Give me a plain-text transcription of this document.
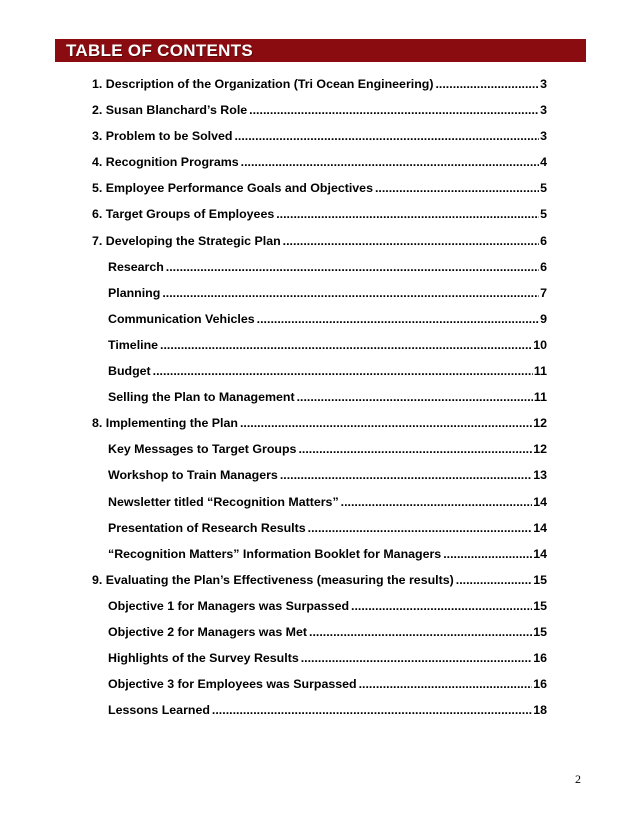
TABLE OF CONTENTS
1. Description of the Organization (Tri Ocean Engineering) .....	3
2. Susan Blanchard’s Role .....	3
3. Problem to be Solved .....	3
4. Recognition Programs .....	4
5. Employee Performance Goals and Objectives .....	5
6. Target Groups of Employees .....	5
7. Developing the Strategic Plan .....	6
Research .....	6
Planning .....	7
Communication Vehicles .....	9
Timeline .....	10
Budget .....	11
Selling the Plan to Management .....	11
8. Implementing the Plan .....	12
Key Messages to Target Groups .....	12
Workshop to Train Managers .....	13
Newsletter titled “Recognition Matters” .....	14
Presentation of Research Results .....	14
“Recognition Matters” Information Booklet for Managers .....	14
9. Evaluating the Plan’s Effectiveness (measuring the results) .....	15
Objective 1 for Managers was Surpassed .....	15
Objective 2 for Managers was Met .....	15
Highlights of the Survey Results .....	16
Objective 3 for Employees was Surpassed .....	16
Lessons Learned .....	18
2
